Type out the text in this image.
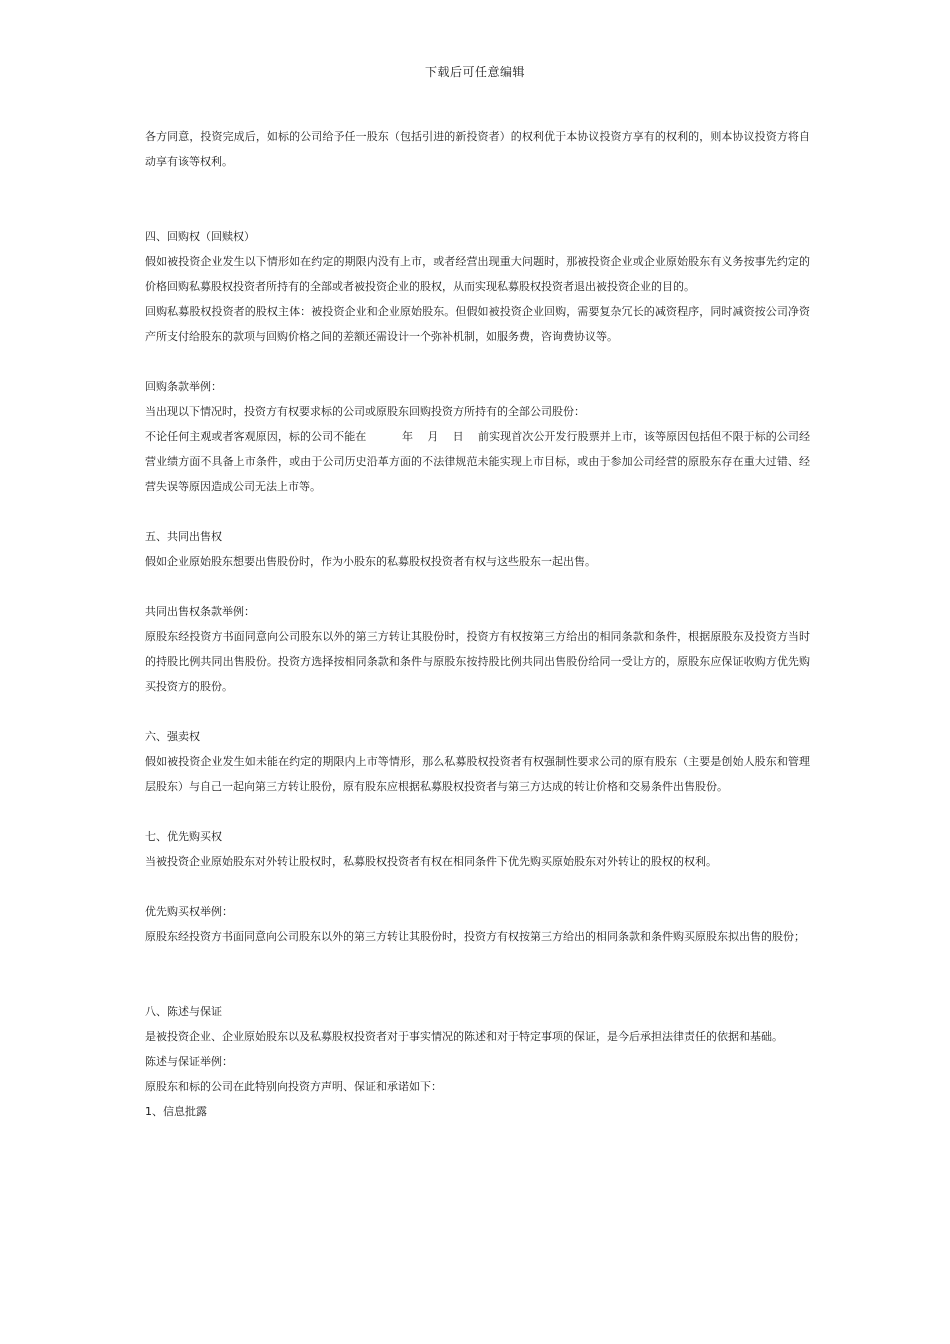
下载后可任意编辑

各方同意，投资完成后，如标的公司给予任一股东（包括引进的新投资者）的权利优于本协议投资方享有的权利的，则本协议投资方将自动享有该等权利。

四、回购权（回赎权）

假如被投资企业发生以下情形如在约定的期限内没有上市，或者经营出现重大问题时，那被投资企业或企业原始股东有义务按事先约定的价格回购私募股权投资者所持有的全部或者被投资企业的股权，从而实现私募股权投资者退出被投资企业的目的。

回购私募股权投资者的股权主体：被投资企业和企业原始股东。但假如被投资企业回购，需要复杂冗长的减资程序，同时减资按公司净资产所支付给股东的款项与回购价格之间的差额还需设计一个弥补机制，如服务费，咨询费协议等。

回购条款举例：

当出现以下情况时，投资方有权要求标的公司或原股东回购投资方所持有的全部公司股份：

不论任何主观或者客观原因，标的公司不能在          年    月    日    前实现首次公开发行股票并上市，该等原因包括但不限于标的公司经营业绩方面不具备上市条件，或由于公司历史沿革方面的不法律规范未能实现上市目标，或由于参加公司经营的原股东存在重大过错、经营失误等原因造成公司无法上市等。

五、共同出售权

假如企业原始股东想要出售股份时，作为小股东的私募股权投资者有权与这些股东一起出售。

共同出售权条款举例：

原股东经投资方书面同意向公司股东以外的第三方转让其股份时，投资方有权按第三方给出的相同条款和条件，根据原股东及投资方当时的持股比例共同出售股份。投资方选择按相同条款和条件与原股东按持股比例共同出售股份给同一受让方的，原股东应保证收购方优先购买投资方的股份。

六、强卖权

假如被投资企业发生如未能在约定的期限内上市等情形，那么私募股权投资者有权强制性要求公司的原有股东（主要是创始人股东和管理层股东）与自己一起向第三方转让股份，原有股东应根据私募股权投资者与第三方达成的转让价格和交易条件出售股份。

七、优先购买权

当被投资企业原始股东对外转让股权时，私募股权投资者有权在相同条件下优先购买原始股东对外转让的股权的权利。

优先购买权举例：

原股东经投资方书面同意向公司股东以外的第三方转让其股份时，投资方有权按第三方给出的相同条款和条件购买原股东拟出售的股份；

八、陈述与保证

是被投资企业、企业原始股东以及私募股权投资者对于事实情况的陈述和对于特定事项的保证，是今后承担法律责任的依据和基础。

陈述与保证举例：

原股东和标的公司在此特别向投资方声明、保证和承诺如下：

1、信息批露
